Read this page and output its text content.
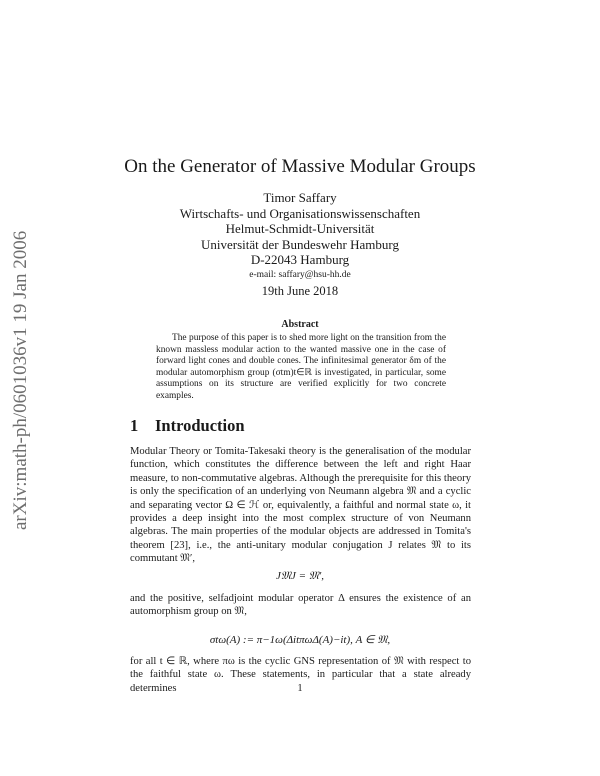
arXiv:math-ph/0601036v1 19 Jan 2006
On the Generator of Massive Modular Groups
Timor Saffary
Wirtschafts- und Organisationswissenschaften
Helmut-Schmidt-Universität
Universität der Bundeswehr Hamburg
D-22043 Hamburg
e-mail: saffary@hsu-hh.de
19th June 2018
Abstract
The purpose of this paper is to shed more light on the transition from the known massless modular action to the wanted massive one in the case of forward light cones and double cones. The infinitesimal generator δm of the modular automorphism group (σtm)t∈ℝ is investigated, in particular, some assumptions on its structure are verified explicitly for two concrete examples.
1 Introduction
Modular Theory or Tomita-Takesaki theory is the generalisation of the modular function, which constitutes the difference between the left and right Haar measure, to non-commutative algebras. Although the prerequisite for this theory is only the specification of an underlying von Neumann algebra 𝔐 and a cyclic and separating vector Ω ∈ ℋ or, equivalently, a faithful and normal state ω, it provides a deep insight into the most complex structure of von Neumann algebras. The main properties of the modular objects are addressed in Tomita's theorem [23], i.e., the anti-unitary modular conjugation J relates 𝔐 to its commutant 𝔐′,
J𝔐J = 𝔐′,
and the positive, selfadjoint modular operator Δ ensures the existence of an automorphism group on 𝔐,
σtω(A) := π−1ω(ΔitπωΔ(A)−it), A ∈ 𝔐,
for all t ∈ ℝ, where πω is the cyclic GNS representation of 𝔐 with respect to the faithful state ω. These statements, in particular that a state already determines	1
